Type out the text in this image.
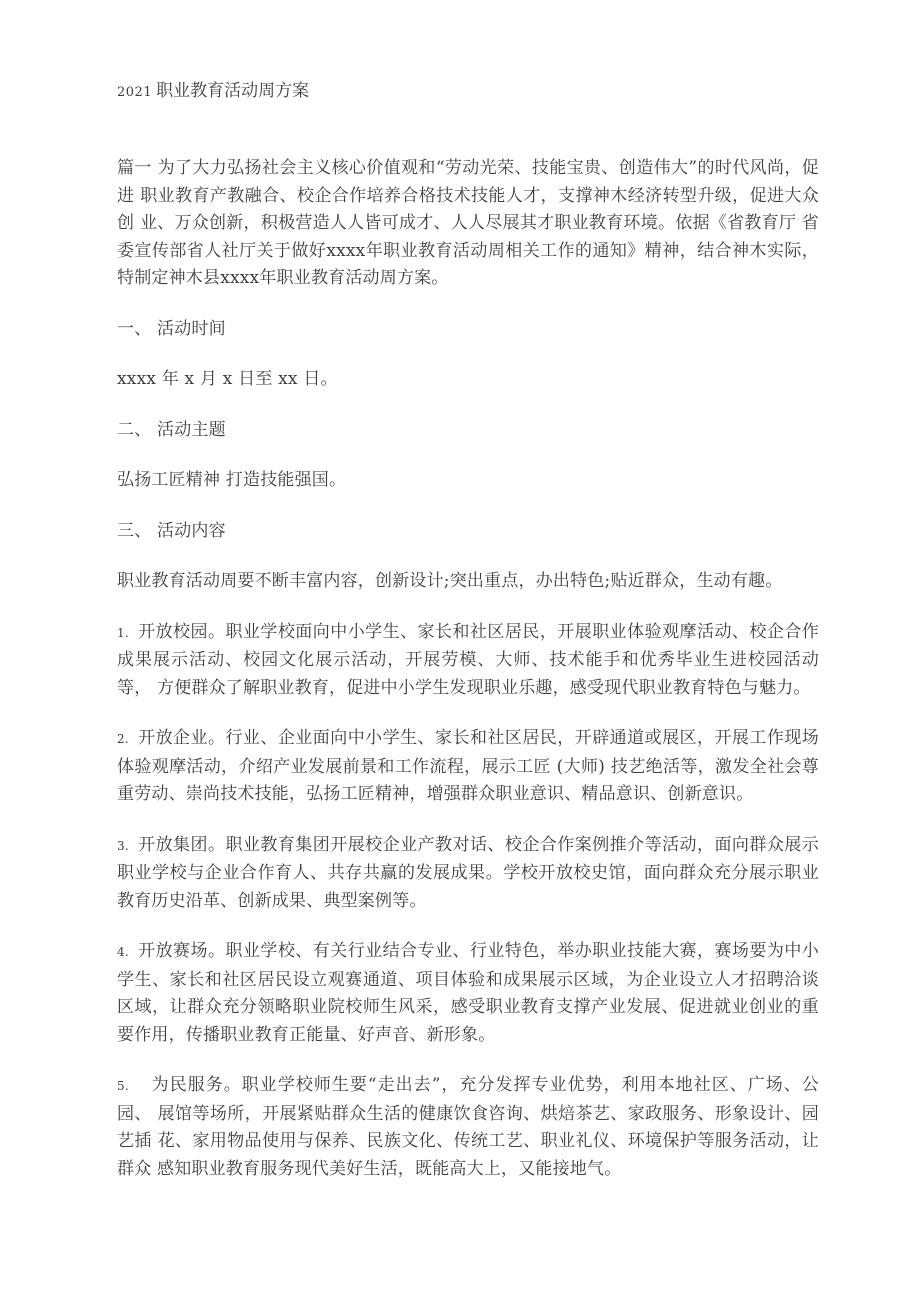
2021 职业教育活动周方案

篇一 为了大力弘扬社会主义核心价值观和“劳动光荣、技能宝贵、创造伟大”的时代风尚，促进 职业教育产教融合、校企合作培养合格技术技能人才，支撑神木经济转型升级，促进大众创 业、万众创新，积极营造人人皆可成才、人人尽展其才职业教育环境。依据《省教育厅 省 委宣传部省人社厅关于做好xxxx年职业教育活动周相关工作的通知》精神，结合神木实际， 特制定神木县xxxx年职业教育活动周方案。

一、 活动时间

xxxx 年 x 月 x 日至 xx 日。

二、 活动主题

弘扬工匠精神 打造技能强国。

三、 活动内容

职业教育活动周要不断丰富内容，创新设计;突出重点，办出特色;贴近群众，生动有趣。

1. 开放校园。职业学校面向中小学生、家长和社区居民，开展职业体验观摩活动、校企合作 成果展示活动、校园文化展示活动，开展劳模、大师、技术能手和优秀毕业生进校园活动等， 方便群众了解职业教育，促进中小学生发现职业乐趣，感受现代职业教育特色与魅力。

2. 开放企业。行业、企业面向中小学生、家长和社区居民，开辟通道或展区，开展工作现场 体验观摩活动，介绍产业发展前景和工作流程，展示工匠 (大师) 技艺绝活等，激发全社会尊 重劳动、崇尚技术技能，弘扬工匠精神，增强群众职业意识、精品意识、创新意识。

3. 开放集团。职业教育集团开展校企业产教对话、校企合作案例推介等活动，面向群众展示 职业学校与企业合作育人、共存共赢的发展成果。学校开放校史馆，面向群众充分展示职业 教育历史沿革、创新成果、典型案例等。

4. 开放赛场。职业学校、有关行业结合专业、行业特色，举办职业技能大赛，赛场要为中小 学生、家长和社区居民设立观赛通道、项目体验和成果展示区域，为企业设立人才招聘洽谈 区域，让群众充分领略职业院校师生风采，感受职业教育支撑产业发展、促进就业创业的重 要作用，传播职业教育正能量、好声音、新形象。

5. 为民服务。职业学校师生要“走出去”，充分发挥专业优势，利用本地社区、广场、公园、 展馆等场所，开展紧贴群众生活的健康饮食咨询、烘焙茶艺、家政服务、形象设计、园艺插 花、家用物品使用与保养、民族文化、传统工艺、职业礼仪、环境保护等服务活动，让群众 感知职业教育服务现代美好生活，既能高大上，又能接地气。
